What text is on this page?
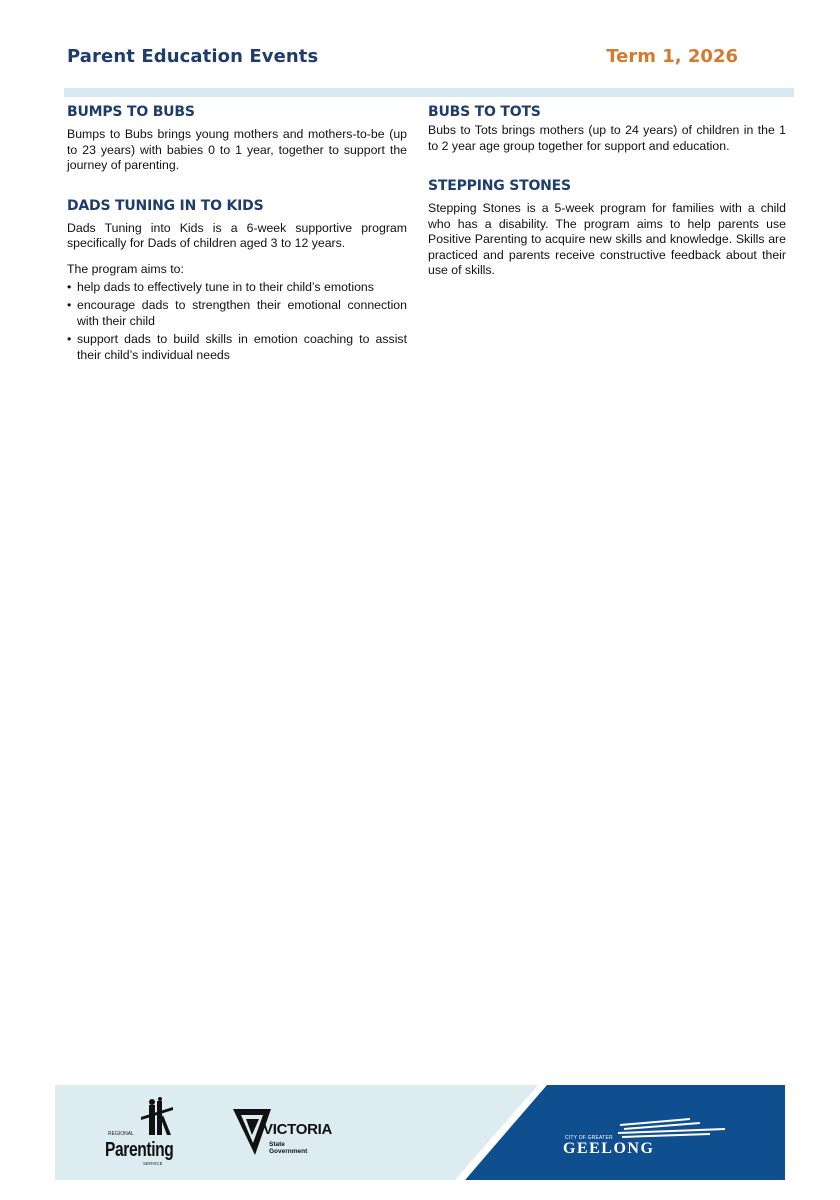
Parent Education Events	Term 1, 2026
BUMPS TO BUBS

Bumps to Bubs brings young mothers and mothers-to-be (up to 23 years) with babies 0 to 1 year, together to support the journey of parenting.

DADS TUNING IN TO KIDS

Dads Tuning into Kids is a 6-week supportive program specifically for Dads of children aged 3 to 12 years.

The program aims to:

• help dads to effectively tune in to their child’s emotions
• encourage dads to strengthen their emotional connection with their child
• support dads to build skills in emotion coaching to assist their child’s individual needs
BUBS TO TOTS

Bubs to Tots brings mothers (up to 24 years) of children in the 1 to 2 year age group together for support and education.

STEPPING STONES

Stepping Stones is a 5-week program for families with a child who has a disability. The program aims to help parents use Positive Parenting to acquire new skills and knowledge. Skills are practiced and parents receive constructive feedback about their use of skills.

REGIONAL
Parenting
SERVICE
VICTORIA
State
Government
CITY OF GREATER
GEELONG
